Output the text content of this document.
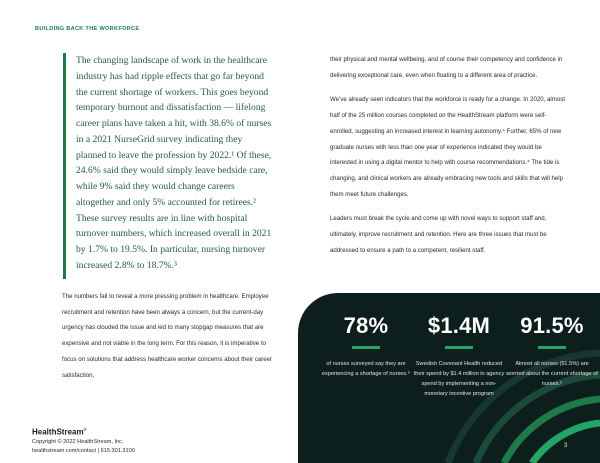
BUILDING BACK THE WORKFORCE

The changing landscape of work in the healthcare industry has had ripple effects that go far beyond the current shortage of workers. This goes beyond temporary burnout and dissatisfaction — lifelong career plans have taken a hit, with 38.6% of nurses in a 2021 NurseGrid survey indicating they planned to leave the profession by 2022.¹ Of these, 24.6% said they would simply leave bedside care, while 9% said they would change careers altogether and only 5% accounted for retirees.² These survey results are in line with hospital turnover numbers, which increased overall in 2021 by 1.7% to 19.5%. In particular, nursing turnover increased 2.8% to 18.7%.³

The numbers fail to reveal a more pressing problem in healthcare. Employee recruitment and retention have been always a concern, but the current-day urgency has clouded the issue and led to many stopgap measures that are expensive and not viable in the long term. For this reason, it is imperative to focus on solutions that address healthcare worker concerns about their career satisfaction,

their physical and mental wellbeing, and of course their competency and confidence in delivering exceptional care, even when floating to a different area of practice.

We’ve already seen indicators that the workforce is ready for a change. In 2020, almost half of the 25 million courses completed on the HealthStream platform were self-enrolled, suggesting an increased interest in learning autonomy.⁴ Further, 65% of new graduate nurses with less than one year of experience indicated they would be interested in using a digital mentor to help with course recommendations.⁴ The tide is changing, and clinical workers are already embracing new tools and skills that will help them meet future challenges.

Leaders must break the cycle and come up with novel ways to support staff and, ultimately, improve recruitment and retention. Here are three issues that must be addressed to ensure a path to a competent, resilient staff.

78%
of nurses surveyed say they are experiencing a shortage of nurses.⁵
$1.4M
Swedish Covenant Health reduced their spend by $1.4 million in agency spend by implementing a non-monetary incentive program
91.5%
Almost all nurses (91.5%) are worried about the current shortage of nurses.⁵
HealthStream®
Copyright © 2022 HealthStream, Inc.
healthstream.com/contact | 615.301.3100
3
